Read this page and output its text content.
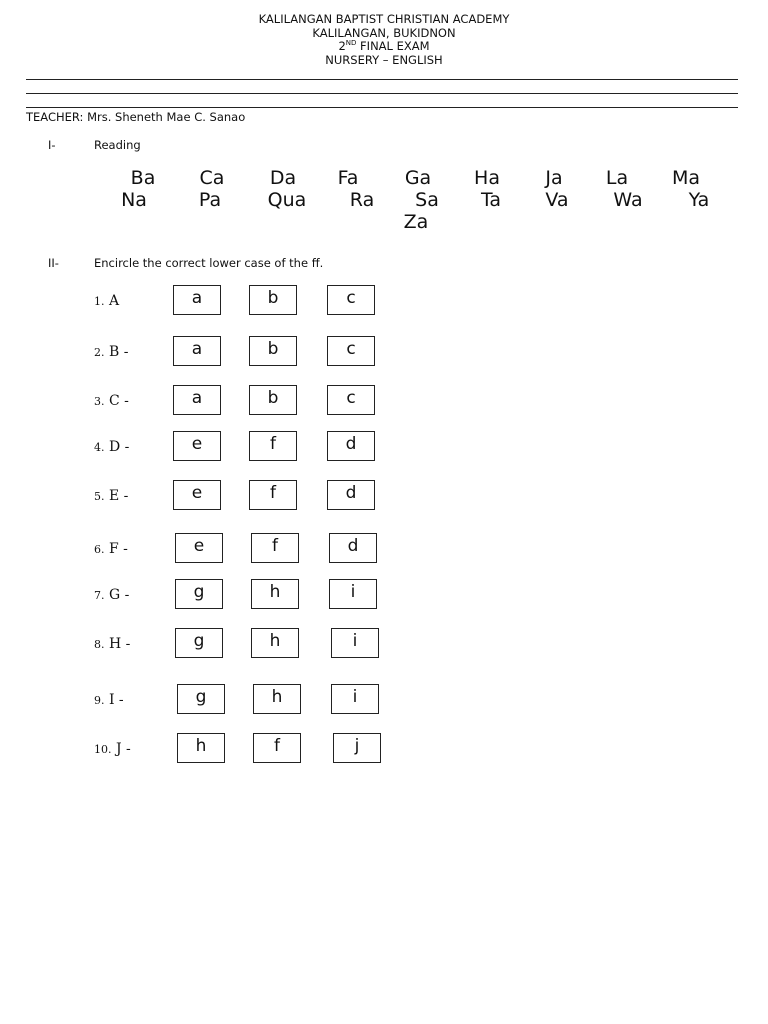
KALILANGAN BAPTIST CHRISTIAN ACADEMY
KALILANGAN, BUKIDNON
2ND FINAL EXAM
NURSERY – ENGLISH
TEACHER: Mrs. Sheneth Mae C. Sanao
I-	Reading
Ba Ca Da Fa Ga Ha Ja La Ma
Na	Pa Qua Ra Sa Ta Va Wa Ya
Za
II-	Encircle the correct lower case of the ff.
1. A	a	b	c
2. B -	a	b	c
3. C -	a	b	c
4. D -	e	f	d
5. E -	e	f	d
6. F -	e	f	d
7. G -	g	h	i
8. H -	g	h	i
9. I -	g	h	i
10. J -	h	f	j
